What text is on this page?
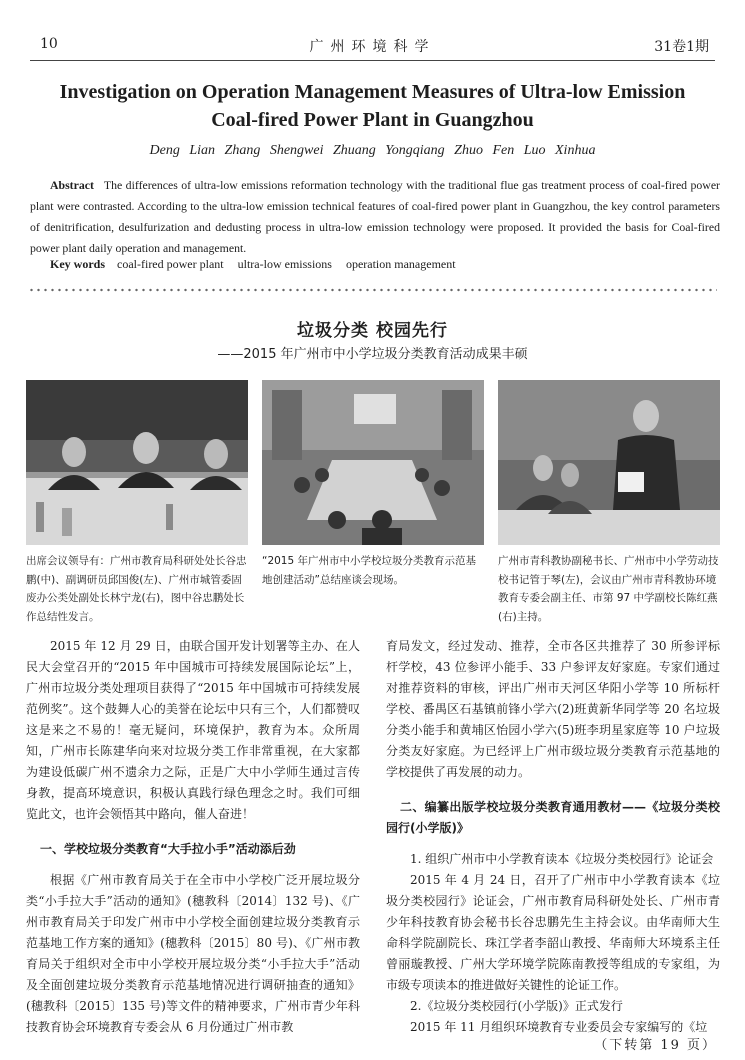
10	广州环境科学	31卷1期
Investigation on Operation Management Measures of Ultra-low Emission
Coal-fired Power Plant in Guangzhou
Deng Lian Zhang Shengwei Zhuang Yongqiang Zhuo Fen Luo Xinhua
Abstract The differences of ultra-low emissions reformation technology with the traditional flue gas treatment process of coal-fired power plant were contrasted. According to the ultra-low emission technical features of coal-fired power plant in Guangzhou, the key control parameters of denitrification, desulfurization and dedusting process in ultra-low emission technology were proposed. It provided the basis for Coal-fired power plant daily operation and management.
Key words coal-fired power plant ultra-low emissions operation management
垃圾分类 校园先行
——2015 年广州市中小学垃圾分类教育活动成果丰硕
出席会议领导有：广州市教育局科研处处长谷忠鹏(中)、副调研员邱国俊(左)、广州市城管委固废办公类处副处长林宁龙(右)，图中谷忠鹏处长作总结性发言。
“2015 年广州市中小学校垃圾分类教育示范基地创建活动”总结座谈会现场。
广州市青科教协副秘书长、广州市中小学劳动技校书记管于琴(左)，会议由广州市青科教协环境教育专委会副主任、市第 97 中学副校长陈红燕(右)主持。

2015 年 12 月 29 日，由联合国开发计划署等主办、在人民大会堂召开的“2015 年中国城市可持续发展国际论坛”上，广州市垃圾分类处理项目获得了“2015 年中国城市可持续发展范例奖”。这个鼓舞人心的美誉在论坛中只有三个，人们都赞叹这是来之不易的！毫无疑问，环境保护，教育为本。众所周知，广州市长陈建华向来对垃圾分类工作非常重视，在大家都为建设低碳广州不遗余力之际，正是广大中小学师生通过言传身教，提高环境意识，积极认真践行绿色理念之时。我们可细览此文，也许会领悟其中路向，催人奋进！

一、学校垃圾分类教育“大手拉小手”活动添后劲

根据《广州市教育局关于在全市中小学校广泛开展垃圾分类“小手拉大手”活动的通知》(穗教科〔2014〕132 号)、《广州市教育局关于印发广州市中小学校全面创建垃圾分类教育示范基地工作方案的通知》(穗教科〔2015〕80 号)、《广州市教育局关于组织对全市中小学校开展垃圾分类“小手拉大手”活动及全面创建垃圾分类教育示范基地情况进行调研抽查的通知》(穗教科〔2015〕135 号)等文件的精神要求，广州市青少年科技教育协会环境教育专委会从 6 月份通过广州市教

育局发文，经过发动、推荐，全市各区共推荐了 30 所参评标杆学校，43 位参评小能手、33 户参评友好家庭。专家们通过对推荐资料的审核，评出广州市天河区华阳小学等 10 所标杆学校、番禺区石基镇前锋小学六(2)班黄新华同学等 20 名垃圾分类小能手和黄埔区怡园小学六(5)班李玥星家庭等 10 户垃圾分类友好家庭。为已经评上广州市级垃圾分类教育示范基地的学校提供了再发展的动力。

二、编纂出版学校垃圾分类教育通用教材——《垃圾分类校园行(小学版)》

1. 组织广州市中小学教育读本《垃圾分类校园行》论证会

2015 年 4 月 24 日，召开了广州市中小学教育读本《垃圾分类校园行》论证会，广州市教育局科研处处长、广州市青少年科技教育协会秘书长谷忠鹏先生主持会议。由华南师大生命科学院副院长、珠江学者李韶山教授、华南师大环境系主任曾丽璇教授、广州大学环境学院陈南教授等组成的专家组，为市级专项读本的推进做好关键性的论证工作。

2.《垃圾分类校园行(小学版)》正式发行

2015 年 11 月组织环境教育专业委员会专家编写的《垃

（下转第 19 页）
